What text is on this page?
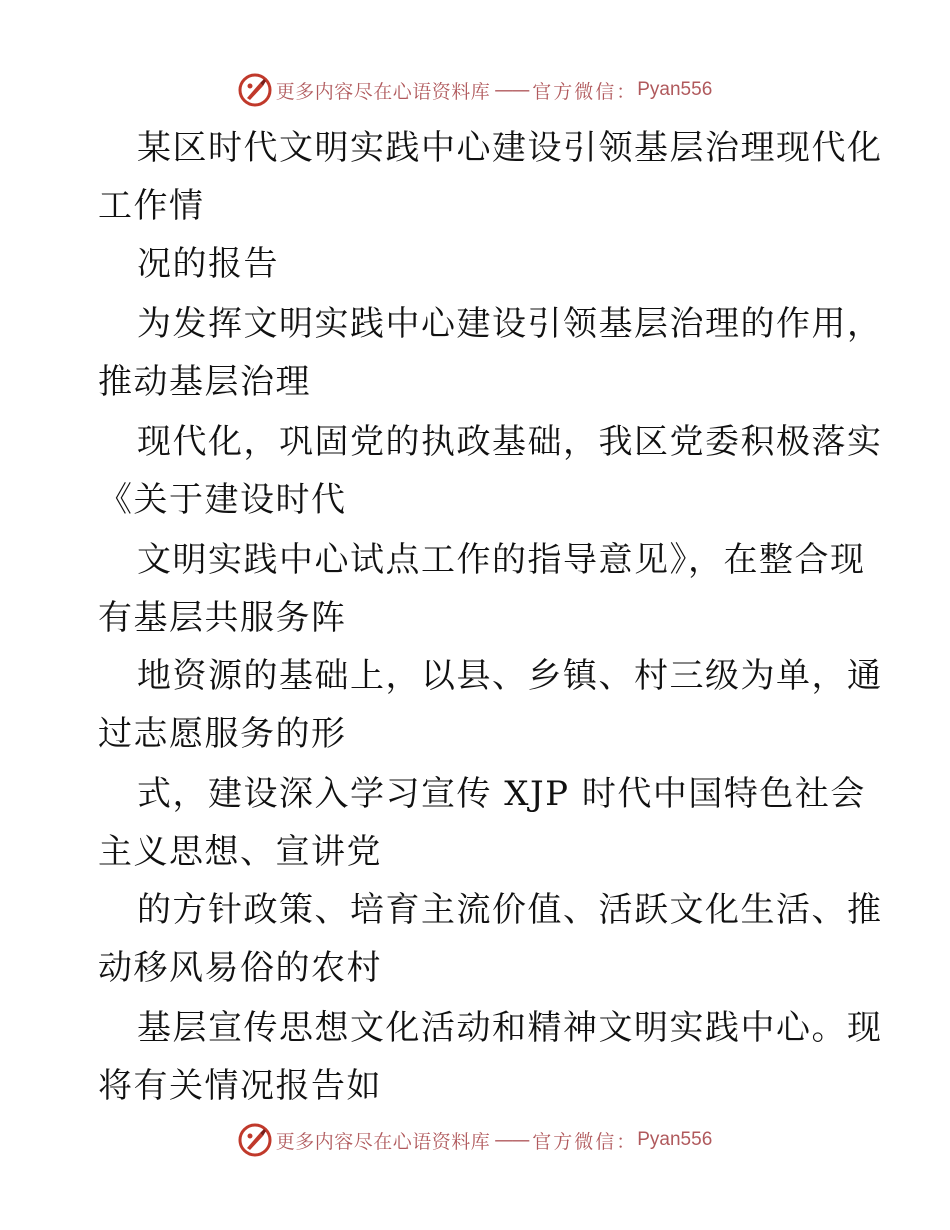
更多内容尽在心语资料库 —— 官方微信： Pyan556
某区时代文明实践中心建设引领基层治理现代化
工作情
况的报告
为发挥文明实践中心建设引领基层治理的作用，
推动基层治理
现代化，巩固党的执政基础，我区党委积极落实
《关于建设时代
文明实践中心试点工作的指导意见》，在整合现
有基层共服务阵
地资源的基础上，以县、乡镇、村三级为单，通
过志愿服务的形
式，建设深入学习宣传 XJP 时代中国特色社会
主义思想、宣讲党
的方针政策、培育主流价值、活跃文化生活、推
动移风易俗的农村
基层宣传思想文化活动和精神文明实践中心。现
将有关情况报告如
更多内容尽在心语资料库 —— 官方微信： Pyan556
